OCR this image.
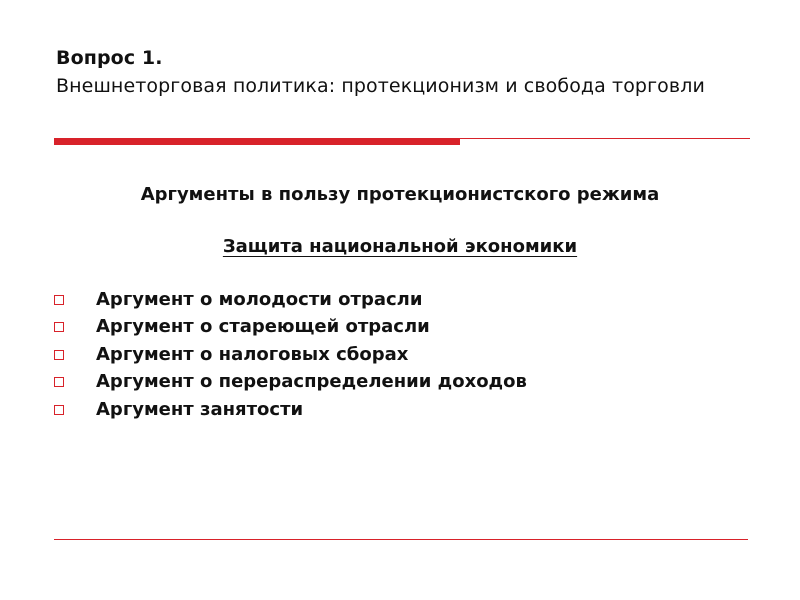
Вопрос 1.
Внешнеторговая политика: протекционизм и свобода торговли
Аргументы в пользу протекционистского режима
Защита национальной экономики
Аргумент о молодости отрасли
Аргумент о стареющей отрасли
Аргумент о налоговых сборах
Аргумент о перераспределении доходов
Аргумент занятости
